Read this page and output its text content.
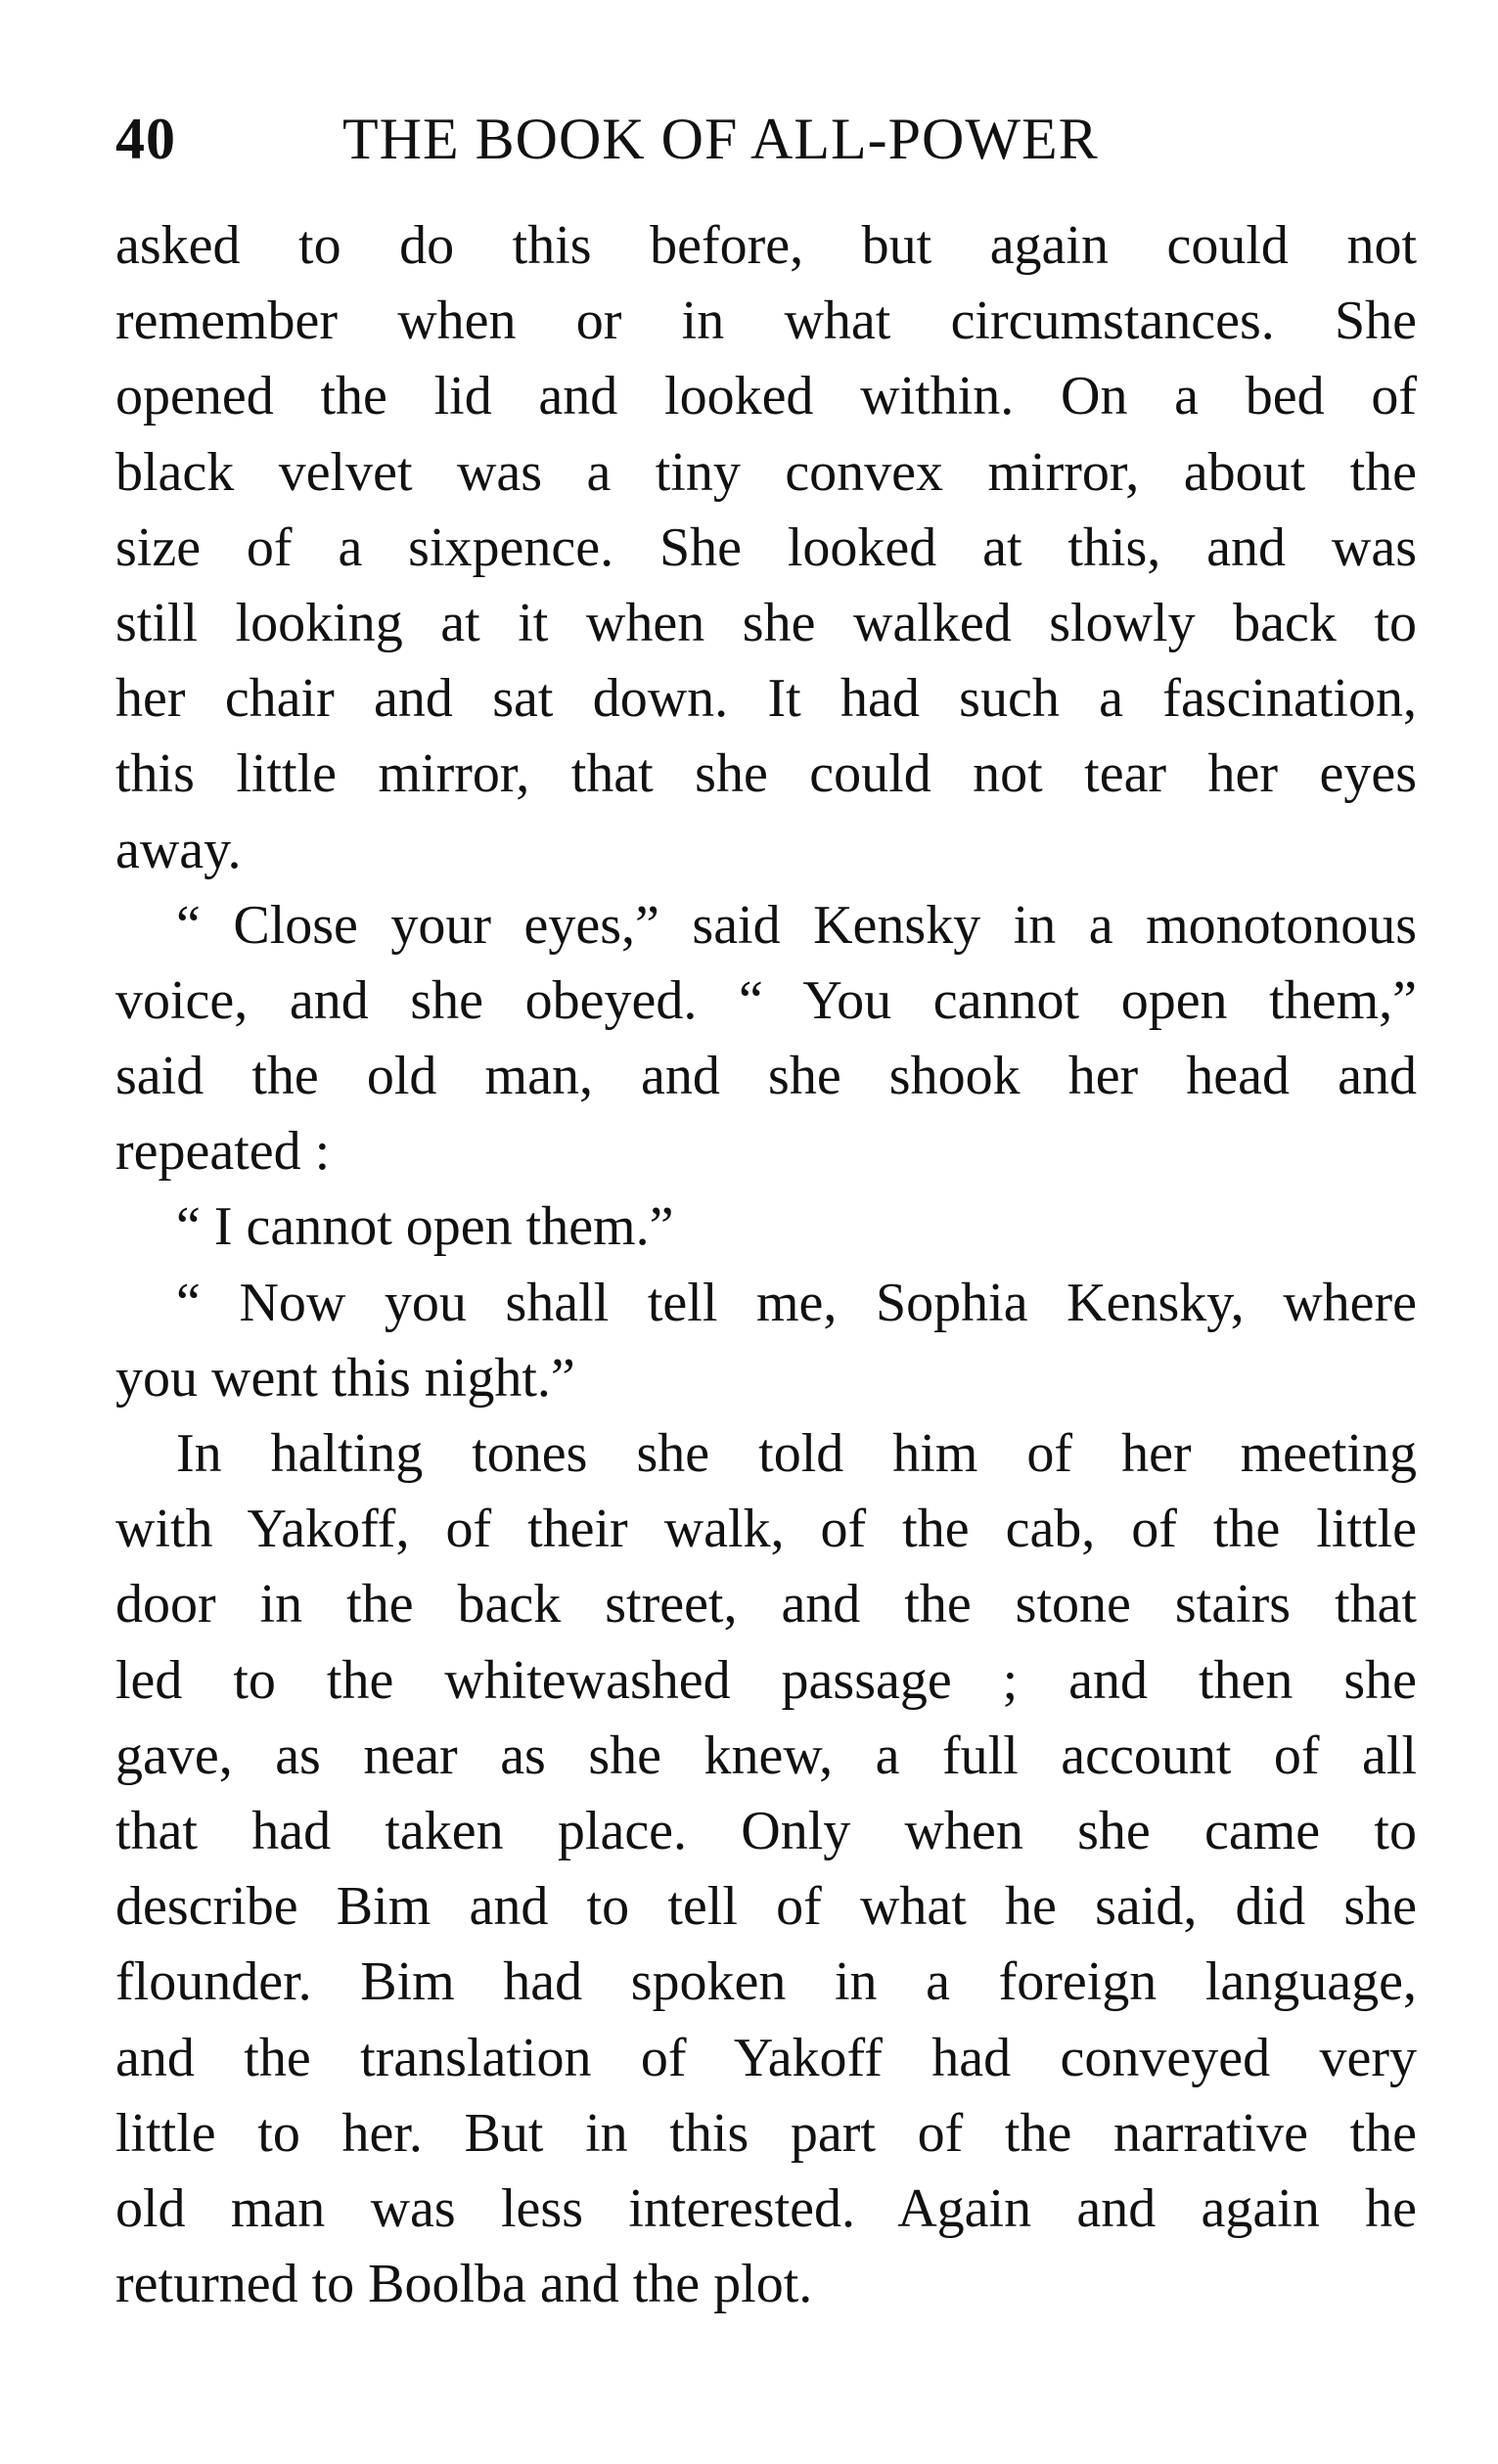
40	THE BOOK OF ALL-POWER
asked to do this before, but again could not
remember when or in what circumstances. She
opened the lid and looked within. On a bed of
black velvet was a tiny convex mirror, about the
size of a sixpence. She looked at this, and was
still looking at it when she walked slowly back to
her chair and sat down. It had such a fascination,
this little mirror, that she could not tear her eyes
away.
“ Close your eyes,” said Kensky in a monotonous
voice, and she obeyed. “ You cannot open them,”
said the old man, and she shook her head and
repeated :
“ I cannot open them.”
“ Now you shall tell me, Sophia Kensky, where
you went this night.”
In halting tones she told him of her meeting
with Yakoff, of their walk, of the cab, of the little
door in the back street, and the stone stairs that
led to the whitewashed passage ; and then she
gave, as near as she knew, a full account of all
that had taken place. Only when she came to
describe Bim and to tell of what he said, did she
flounder. Bim had spoken in a foreign language,
and the translation of Yakoff had conveyed very
little to her. But in this part of the narrative the
old man was less interested. Again and again he
returned to Boolba and the plot.
